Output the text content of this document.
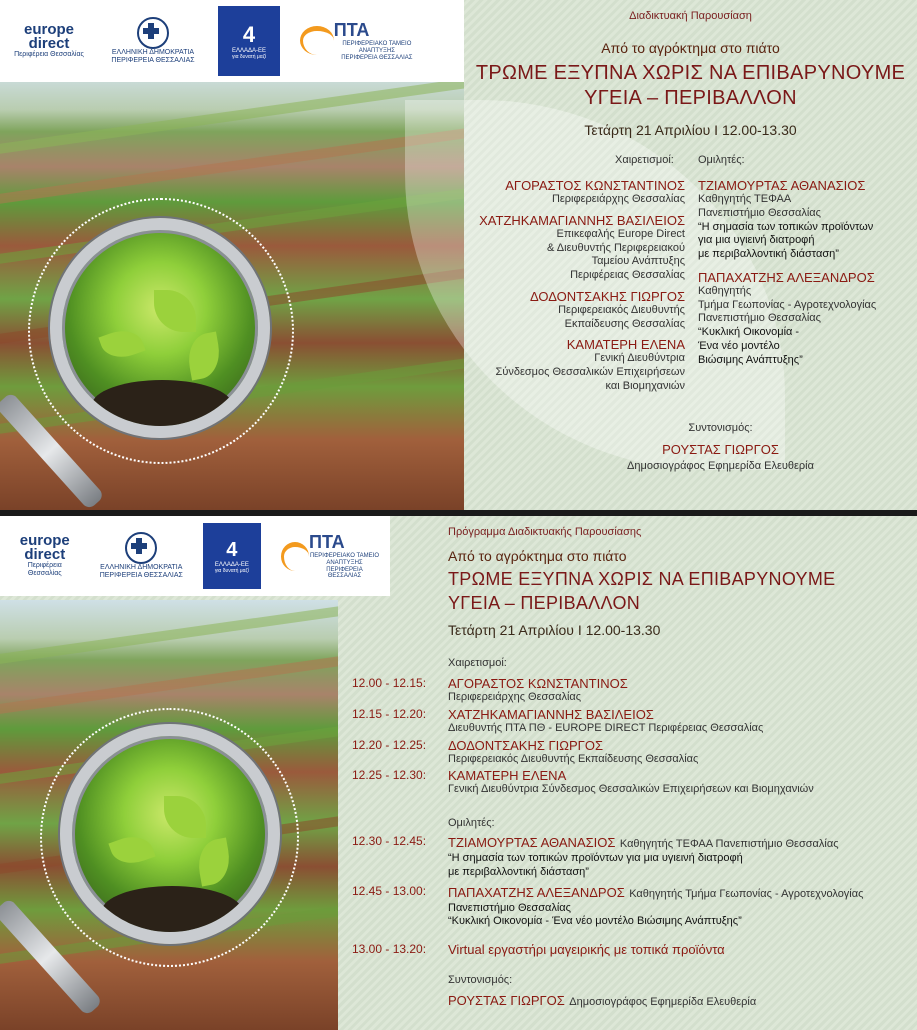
europe
direct
Περιφέρεια Θεσσαλίας	ΕΛΛΗΝΙΚΗ ΔΗΜΟΚΡΑΤΙΑ
ΠΕΡΙΦΕΡΕΙΑ ΘΕΣΣΑΛΙΑΣ
4
ΕΛΛΑΔΑ-ΕΕ
για δυνατή μαζί
ΠΤΑ
ΠΕΡΙΦΕΡΕΙΑΚΟ ΤΑΜΕΙΟ ΑΝΑΠΤΥΞΗΣ
ΠΕΡΙΦΕΡΕΙΑ ΘΕΣΣΑΛΙΑΣ
Διαδικτυακή Παρουσίαση
Από το αγρόκτημα στο πιάτο
ΤΡΩΜΕ ΕΞΥΠΝΑ ΧΩΡΙΣ ΝΑ ΕΠΙΒΑΡΥΝΟΥΜΕ
ΥΓΕΙΑ – ΠΕΡΙΒΑΛΛΟΝ
Τετάρτη 21 Απριλίου I 12.00-13.30
Χαιρετισμοί: Ομιλητές:
ΑΓΟΡΑΣΤΟΣ ΚΩΝΣΤΑΝΤΙΝΟΣ
Περιφερειάρχης Θεσσαλίας
ΧΑΤΖΗΚΑΜΑΓΙΑΝΝΗΣ ΒΑΣΙΛΕΙΟΣ
Επικεφαλής Europe Direct
& Διευθυντής Περιφερειακού
Ταμείου Ανάπτυξης
Περιφέρειας Θεσσαλίας
ΔΟΔΟΝΤΣΑΚΗΣ ΓΙΩΡΓΟΣ
Περιφερειακός Διευθυντής
Εκπαίδευσης Θεσσαλίας
ΚΑΜΑΤΕΡΗ ΕΛΕΝΑ
Γενική Διευθύντρια
Σύνδεσμος Θεσσαλικών Επιχειρήσεων
και Βιομηχανιών
ΤΖΙΑΜΟΥΡΤΑΣ ΑΘΑΝΑΣΙΟΣ
Καθηγητής ΤΕΦΑΑ
Πανεπιστήμιο Θεσσαλίας
“Η σημασία των τοπικών προϊόντων
για μια υγιεινή διατροφή
με περιβαλλοντική διάσταση”
ΠΑΠΑΧΑΤΖΗΣ ΑΛΕΞΑΝΔΡΟΣ
Καθηγητής
Τμήμα Γεωπονίας - Αγροτεχνολογίας
Πανεπιστήμιο Θεσσαλίας
“Κυκλική Οικονομία -
Ένα νέο μοντέλο
Βιώσιμης Ανάπτυξης”
Συντονισμός:
ΡΟΥΣΤΑΣ ΓΙΩΡΓΟΣ
Δημοσιογράφος Εφημερίδα Ελευθερία
europe
direct
Περιφέρεια Θεσσαλίας
ΕΛΛΗΝΙΚΗ ΔΗΜΟΚΡΑΤΙΑ
ΠΕΡΙΦΕΡΕΙΑ ΘΕΣΣΑΛΙΑΣ
4
ΕΛΛΑΔΑ-ΕΕ
για δυνατή μαζί
ΠΤΑ
ΠΕΡΙΦΕΡΕΙΑΚΟ ΤΑΜΕΙΟ ΑΝΑΠΤΥΞΗΣ
ΠΕΡΙΦΕΡΕΙΑ ΘΕΣΣΑΛΙΑΣ
Πρόγραμμα Διαδικτυακής Παρουσίασης
Από το αγρόκτημα στο πιάτο
ΤΡΩΜΕ ΕΞΥΠΝΑ ΧΩΡΙΣ ΝΑ ΕΠΙΒΑΡΥΝΟΥΜΕ
ΥΓΕΙΑ – ΠΕΡΙΒΑΛΛΟΝ
Τετάρτη 21 Απριλίου I 12.00-13.30
Χαιρετισμοί:
12.00 - 12.15:	ΑΓΟΡΑΣΤΟΣ ΚΩΝΣΤΑΝΤΙΝΟΣ
Περιφερειάρχης Θεσσαλίας
12.15 - 12.20:	ΧΑΤΖΗΚΑΜΑΓΙΑΝΝΗΣ ΒΑΣΙΛΕΙΟΣ
Διευθυντής ΠΤΑ ΠΘ - EUROPE DIRECT Περιφέρειας Θεσσαλίας
12.20 - 12.25:	ΔΟΔΟΝΤΣΑΚΗΣ ΓΙΩΡΓΟΣ
Περιφερειακός Διευθυντής Εκπαίδευσης Θεσσαλίας
12.25 - 12.30:	ΚΑΜΑΤΕΡΗ ΕΛΕΝΑ
Γενική Διευθύντρια Σύνδεσμος Θεσσαλικών Επιχειρήσεων και Βιομηχανιών
Ομιλητές:
12.30 - 12.45:	ΤΖΙΑΜΟΥΡΤΑΣ ΑΘΑΝΑΣΙΟΣ Καθηγητής ΤΕΦΑΑ Πανεπιστήμιο Θεσσαλίας
“Η σημασία των τοπικών προϊόντων για μια υγιεινή διατροφή
με περιβαλλοντική διάσταση”
12.45 - 13.00:	ΠΑΠΑΧΑΤΖΗΣ ΑΛΕΞΑΝΔΡΟΣ Καθηγητής Τμήμα Γεωπονίας - Αγροτεχνολογίας
Πανεπιστήμιο Θεσσαλίας
“Κυκλική Οικονομία - Ένα νέο μοντέλο Βιώσιμης Ανάπτυξης”
13.00 - 13.20:	Virtual εργαστήρι μαγειρικής με τοπικά προϊόντα
Συντονισμός:
ΡΟΥΣΤΑΣ ΓΙΩΡΓΟΣ Δημοσιογράφος Εφημερίδα Ελευθερία
